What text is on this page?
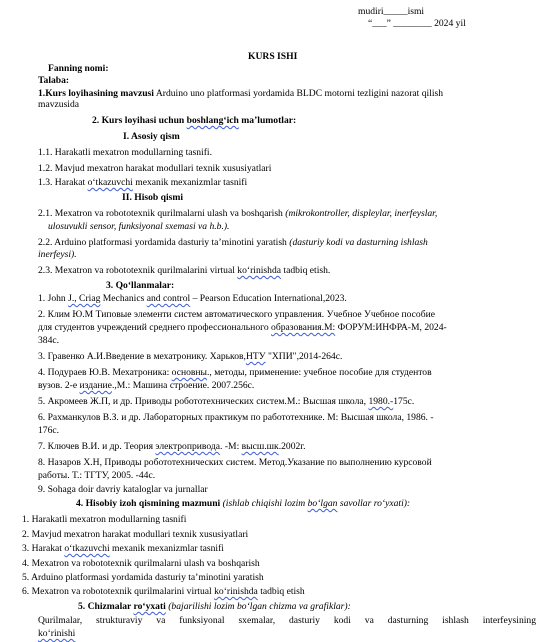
mudiri_____ismi
“___” ________ 2024 yil
KURS ISHI
Fanning nomi:
Talaba:
1.Kurs loyihasining mavzusi Arduino uno platformasi yordamida BLDC motorni tezligini nazorat qilish
mavzusida
2. Kurs loyihasi uchun boshlang‘ich ma’lumotlar:
I. Asosiy qism
1.1. Harakatli mexatron modullarning tasnifi.
1.2. Mavjud mexatron harakat modullari texnik xususiyatlari
1.3. Harakat o‘tkazuvchi mexanik mexanizmlar tasnifi
II. Hisob qismi
2.1. Mexatron va robototexnik qurilmalarni ulash va boshqarish (mikrokontroller, displeylar, inerfeyslar,
ulosuvukli sensor, funksiyonal sxemasi va h.b.).
2.2. Arduino platformasi yordamida dasturiy ta’minotini yaratish (dasturiy kodi va dasturning ishlash
inerfeysi).
2.3. Mexatron va robototexnik qurilmalarini virtual ko‘rinishda tadbiq etish.
3. Qo‘llanmalar:
1. John J., Criag Mechanics and control – Pearson Education International,2023.
2. Клим Ю.М Типовые элементи систем автоматического управления. Учебное Учебное пособие
для студентов учреждений среднего профессионального образования.М: ФОРУМ:ИНФРА-М, 2024-
384с.
3. Гравенко А.И.Введение в мехатронику. Харьков,НТУ "ХПИ",2014-264с.
4. Подураев Ю.В. Мехатроника: основны., методы, применение: учебное пособие для студентов
вузов. 2-е издание.,М.: Машина строение. 2007.256с.
5. Акромеев Ж.П, и др. Приводы робототехнических систем.М.: Высшая школа, 1980.-175с.
6. Рахманкулов В.З. и др. Лабораторных практикум по работотехнике. М: Высшая школа, 1986. -
176с.
7. Ключев В.И. и др. Теория электроприводa. -М: высш.шк.2002г.
8. Назаров Х.Н, Приводы робототехнических систем. Метод.Указание по выполнению курсовой
работы. Т.: ТГТУ, 2005. -44с.
9. Sohaga doir davriy kataloglar va jurnallar
4. Hisobiy izoh qismining mazmuni (ishlab chiqishi lozim bo‘lgan savollar ro‘yxati):
1. Harakatli mexatron modullarning tasnifi
2. Mavjud mexatron harakat modullari texnik xususiyatlari
3. Harakat o‘tkazuvchi mexanik mexanizmlar tasnifi
4. Mexatron va robototexnik qurilmalarni ulash va boshqarish
5. Arduino platformasi yordamida dasturiy ta’minotini yaratish
6. Mexatron va robototexnik qurilmalarini virtual ko‘rinishda tadbiq etish
5. Chizmalar ro‘yxati (bajarilishi lozim bo‘lgan chizma va grafiklar):
Qurilmalar, strukturaviy va funksiyonal sxemalar, dasturiy kodi va dasturning ishlash interfeysining
ko‘rinishi
